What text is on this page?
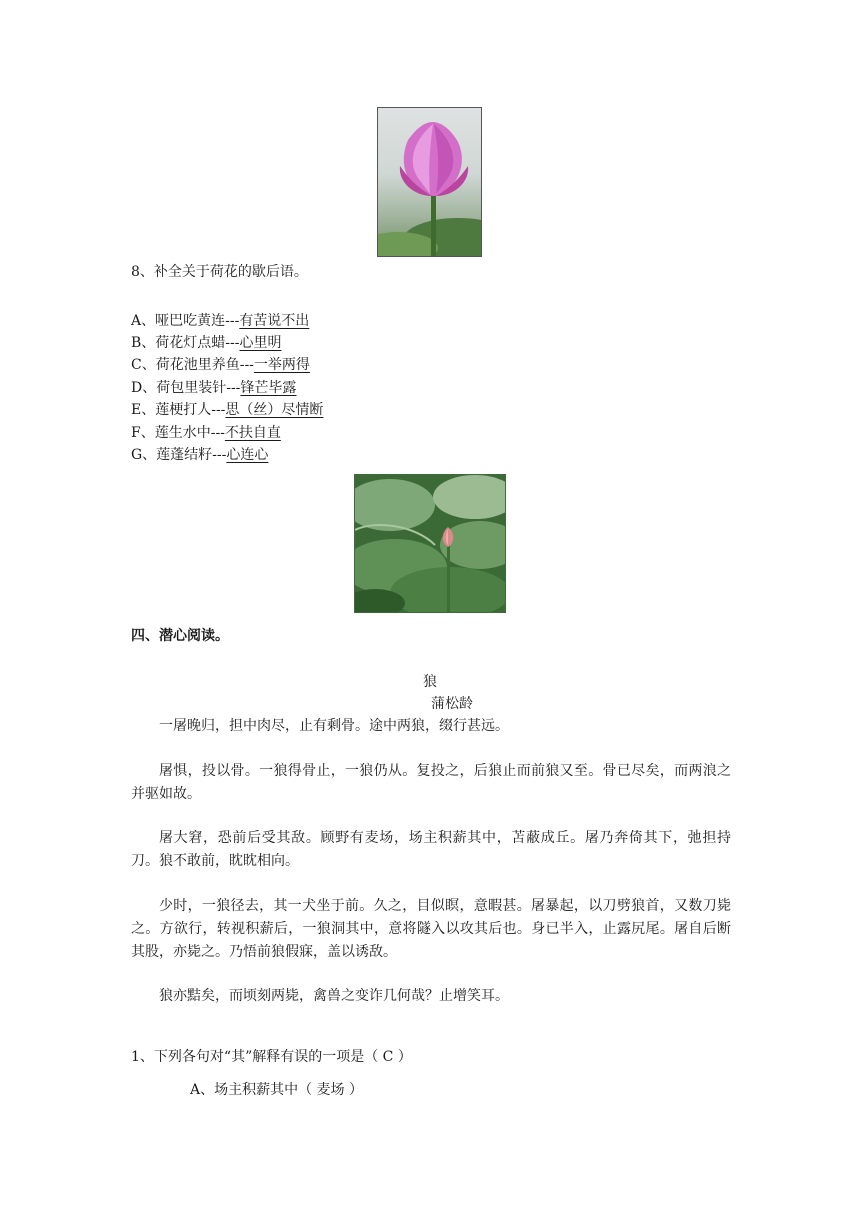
8、补全关于荷花的歇后语。
A、哑巴吃黄连---有苦说不出
B、荷花灯点蜡---心里明
C、荷花池里养鱼---一举两得
D、荷包里装针---锋芒毕露
E、莲梗打人---思（丝）尽情断
F、莲生水中---不扶自直
G、莲蓬结籽---心连心
四、潜心阅读。
狼
蒲松龄
一屠晚归，担中肉尽，止有剩骨。途中两狼，缀行甚远。
屠惧，投以骨。一狼得骨止，一狼仍从。复投之，后狼止而前狼又至。骨已尽矣，而两浪之并驱如故。
屠大窘，恐前后受其敌。顾野有麦场，场主积薪其中，苫蔽成丘。屠乃奔倚其下，弛担持刀。狼不敢前，眈眈相向。
少时，一狼径去，其一犬坐于前。久之，目似瞑，意暇甚。屠暴起，以刀劈狼首，又数刀毙之。方欲行，转视积薪后，一狼洞其中，意将隧入以攻其后也。身已半入，止露尻尾。屠自后断其股，亦毙之。乃悟前狼假寐，盖以诱敌。
狼亦黠矣，而顷刻两毙，禽兽之变诈几何哉？止增笑耳。
1、下列各句对“其”解释有误的一项是（ C ）
A、场主积薪其中（ 麦场 ）
